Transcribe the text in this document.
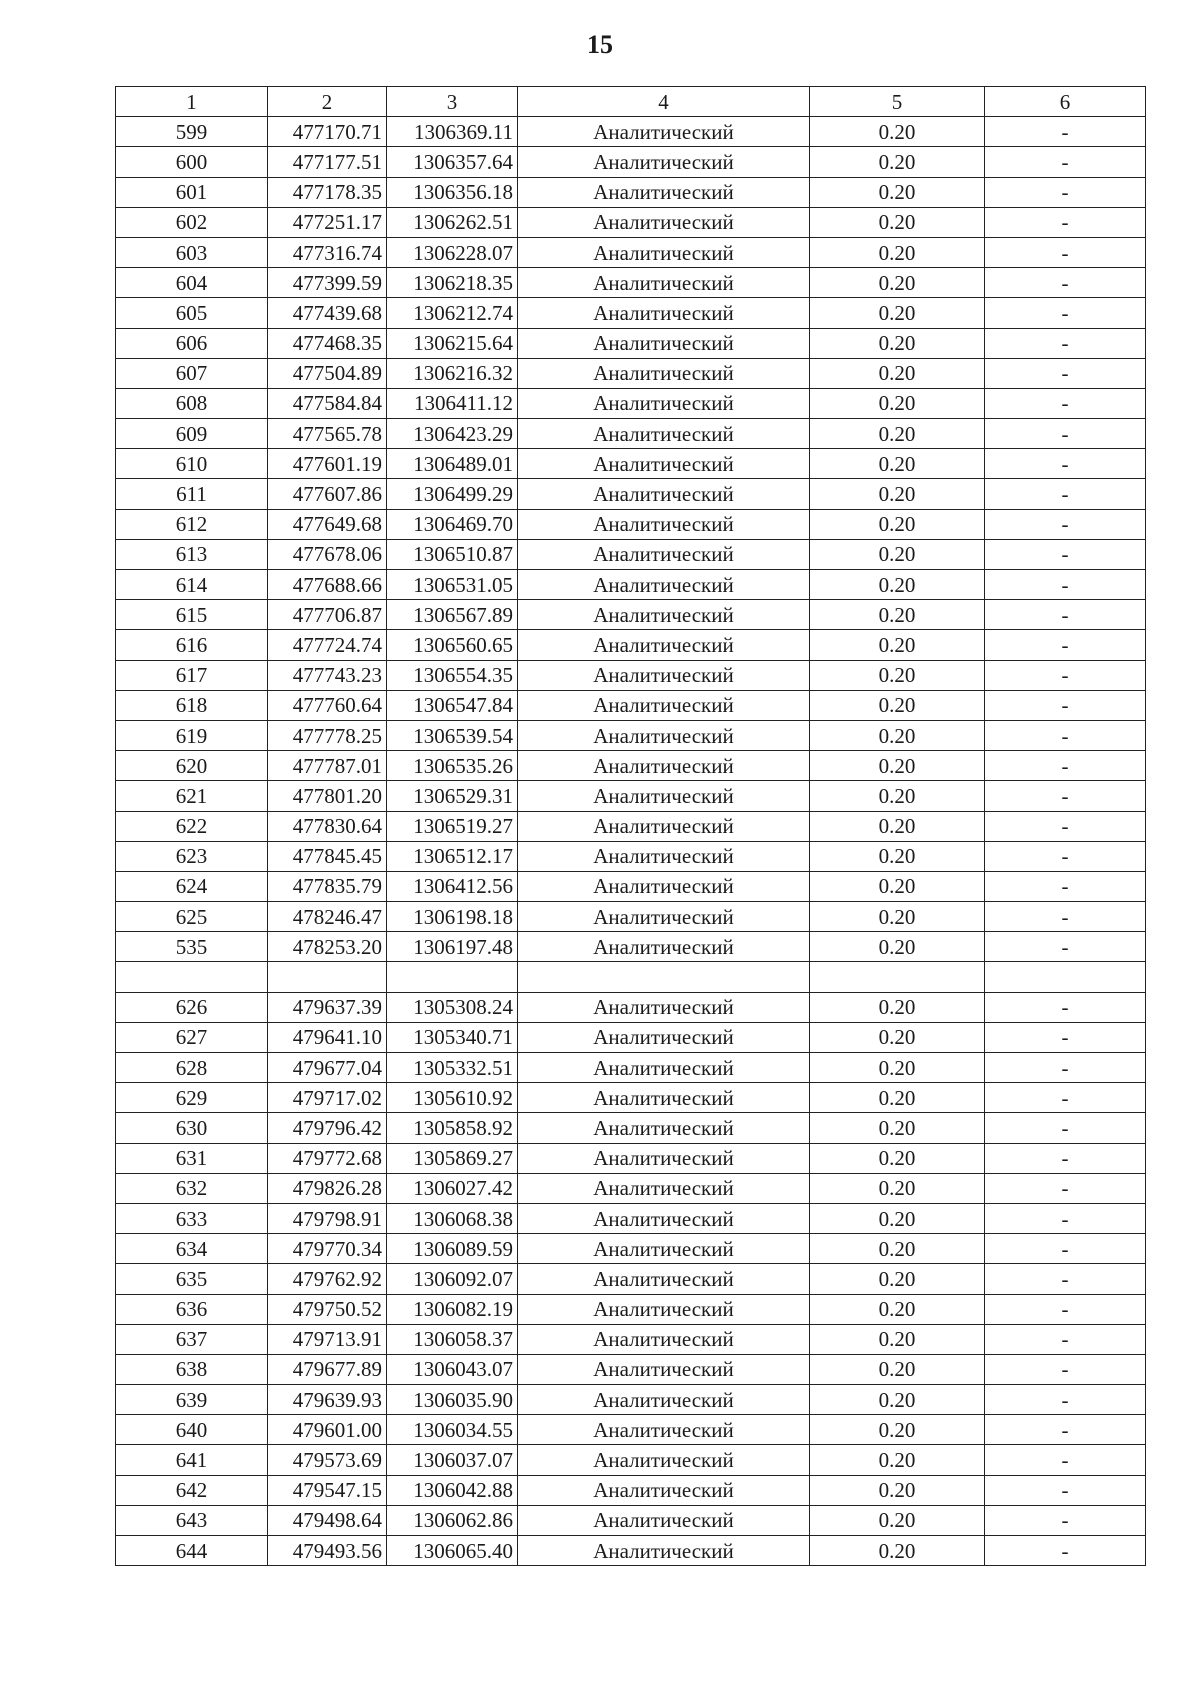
15
1	2	3	4	5	6
599	477170.71	1306369.11	Аналитический	0.20	-
600	477177.51	1306357.64	Аналитический	0.20	-
601	477178.35	1306356.18	Аналитический	0.20	-
602	477251.17	1306262.51	Аналитический	0.20	-
603	477316.74	1306228.07	Аналитический	0.20	-
604	477399.59	1306218.35	Аналитический	0.20	-
605	477439.68	1306212.74	Аналитический	0.20	-
606	477468.35	1306215.64	Аналитический	0.20	-
607	477504.89	1306216.32	Аналитический	0.20	-
608	477584.84	1306411.12	Аналитический	0.20	-
609	477565.78	1306423.29	Аналитический	0.20	-
610	477601.19	1306489.01	Аналитический	0.20	-
611	477607.86	1306499.29	Аналитический	0.20	-
612	477649.68	1306469.70	Аналитический	0.20	-
613	477678.06	1306510.87	Аналитический	0.20	-
614	477688.66	1306531.05	Аналитический	0.20	-
615	477706.87	1306567.89	Аналитический	0.20	-
616	477724.74	1306560.65	Аналитический	0.20	-
617	477743.23	1306554.35	Аналитический	0.20	-
618	477760.64	1306547.84	Аналитический	0.20	-
619	477778.25	1306539.54	Аналитический	0.20	-
620	477787.01	1306535.26	Аналитический	0.20	-
621	477801.20	1306529.31	Аналитический	0.20	-
622	477830.64	1306519.27	Аналитический	0.20	-
623	477845.45	1306512.17	Аналитический	0.20	-
624	477835.79	1306412.56	Аналитический	0.20	-
625	478246.47	1306198.18	Аналитический	0.20	-
535	478253.20	1306197.48	Аналитический	0.20	-

626	479637.39	1305308.24	Аналитический	0.20	-
627	479641.10	1305340.71	Аналитический	0.20	-
628	479677.04	1305332.51	Аналитический	0.20	-
629	479717.02	1305610.92	Аналитический	0.20	-
630	479796.42	1305858.92	Аналитический	0.20	-
631	479772.68	1305869.27	Аналитический	0.20	-
632	479826.28	1306027.42	Аналитический	0.20	-
633	479798.91	1306068.38	Аналитический	0.20	-
634	479770.34	1306089.59	Аналитический	0.20	-
635	479762.92	1306092.07	Аналитический	0.20	-
636	479750.52	1306082.19	Аналитический	0.20	-
637	479713.91	1306058.37	Аналитический	0.20	-
638	479677.89	1306043.07	Аналитический	0.20	-
639	479639.93	1306035.90	Аналитический	0.20	-
640	479601.00	1306034.55	Аналитический	0.20	-
641	479573.69	1306037.07	Аналитический	0.20	-
642	479547.15	1306042.88	Аналитический	0.20	-
643	479498.64	1306062.86	Аналитический	0.20	-
644	479493.56	1306065.40	Аналитический	0.20	-
